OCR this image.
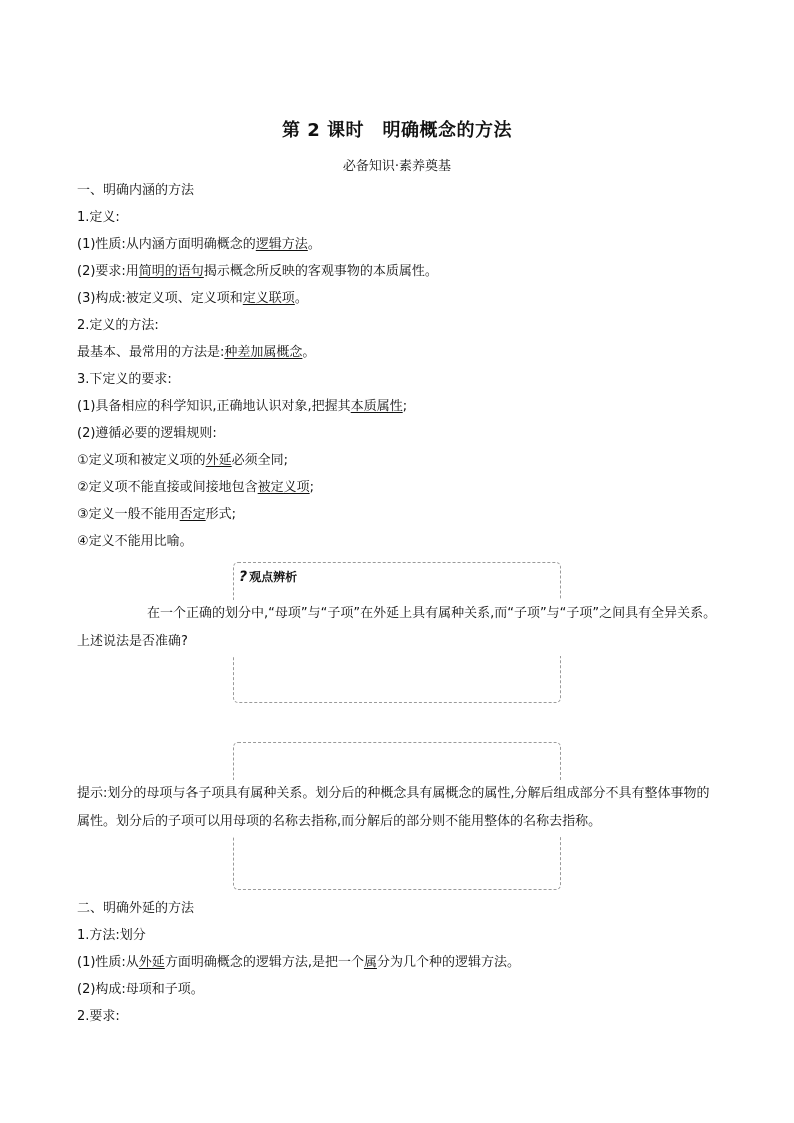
第 2 课时　明确概念的方法
必备知识·素养奠基
一、明确内涵的方法
1.定义:
(1)性质:从内涵方面明确概念的逻辑方法。
(2)要求:用简明的语句揭示概念所反映的客观事物的本质属性。
(3)构成:被定义项、定义项和定义联项。
2.定义的方法:
最基本、最常用的方法是:种差加属概念。
3.下定义的要求:
(1)具备相应的科学知识,正确地认识对象,把握其本质属性;
(2)遵循必要的逻辑规则:
①定义项和被定义项的外延必须全同;
②定义项不能直接或间接地包含被定义项;
③定义一般不能用否定形式;
④定义不能用比喻。
? 观点辨析
在一个正确的划分中,“母项”与“子项”在外延上具有属种关系,而“子项”与“子项”之间具有全异关系。上述说法是否准确?
提示:划分的母项与各子项具有属种关系。划分后的种概念具有属概念的属性,分解后组成部分不具有整体事物的属性。划分后的子项可以用母项的名称去指称,而分解后的部分则不能用整体的名称去指称。
二、明确外延的方法
1.方法:划分
(1)性质:从外延方面明确概念的逻辑方法,是把一个属分为几个种的逻辑方法。
(2)构成:母项和子项。
2.要求:
